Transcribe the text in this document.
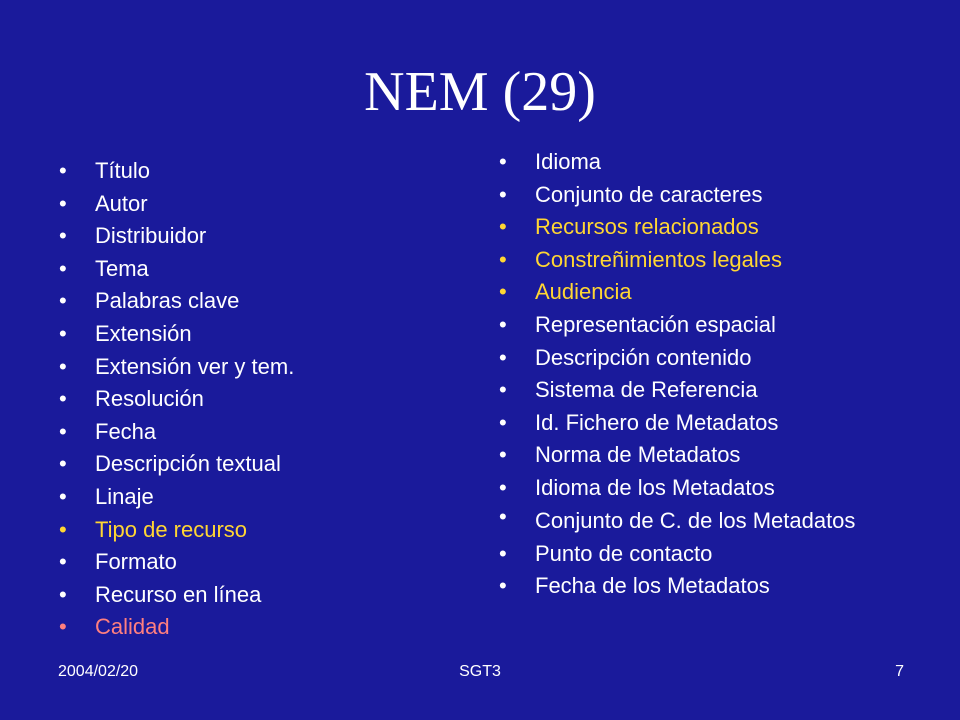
NEM (29)
• Título
• Autor
• Distribuidor
• Tema
• Palabras clave
• Extensión
• Extensión ver y tem.
• Resolución
• Fecha
• Descripción textual
• Linaje
• Tipo de recurso
• Formato
• Recurso en línea
• Calidad
• Idioma
• Conjunto de caracteres
• Recursos relacionados
• Constreñimientos legales
• Audiencia
• Representación espacial
• Descripción contenido
• Sistema de Referencia
• Id. Fichero de Metadatos
• Norma de Metadatos
• Idioma de los Metadatos
• Conjunto de C. de los Metadatos
• Punto de contacto
• Fecha de los Metadatos
2004/02/20	SGT3	7
